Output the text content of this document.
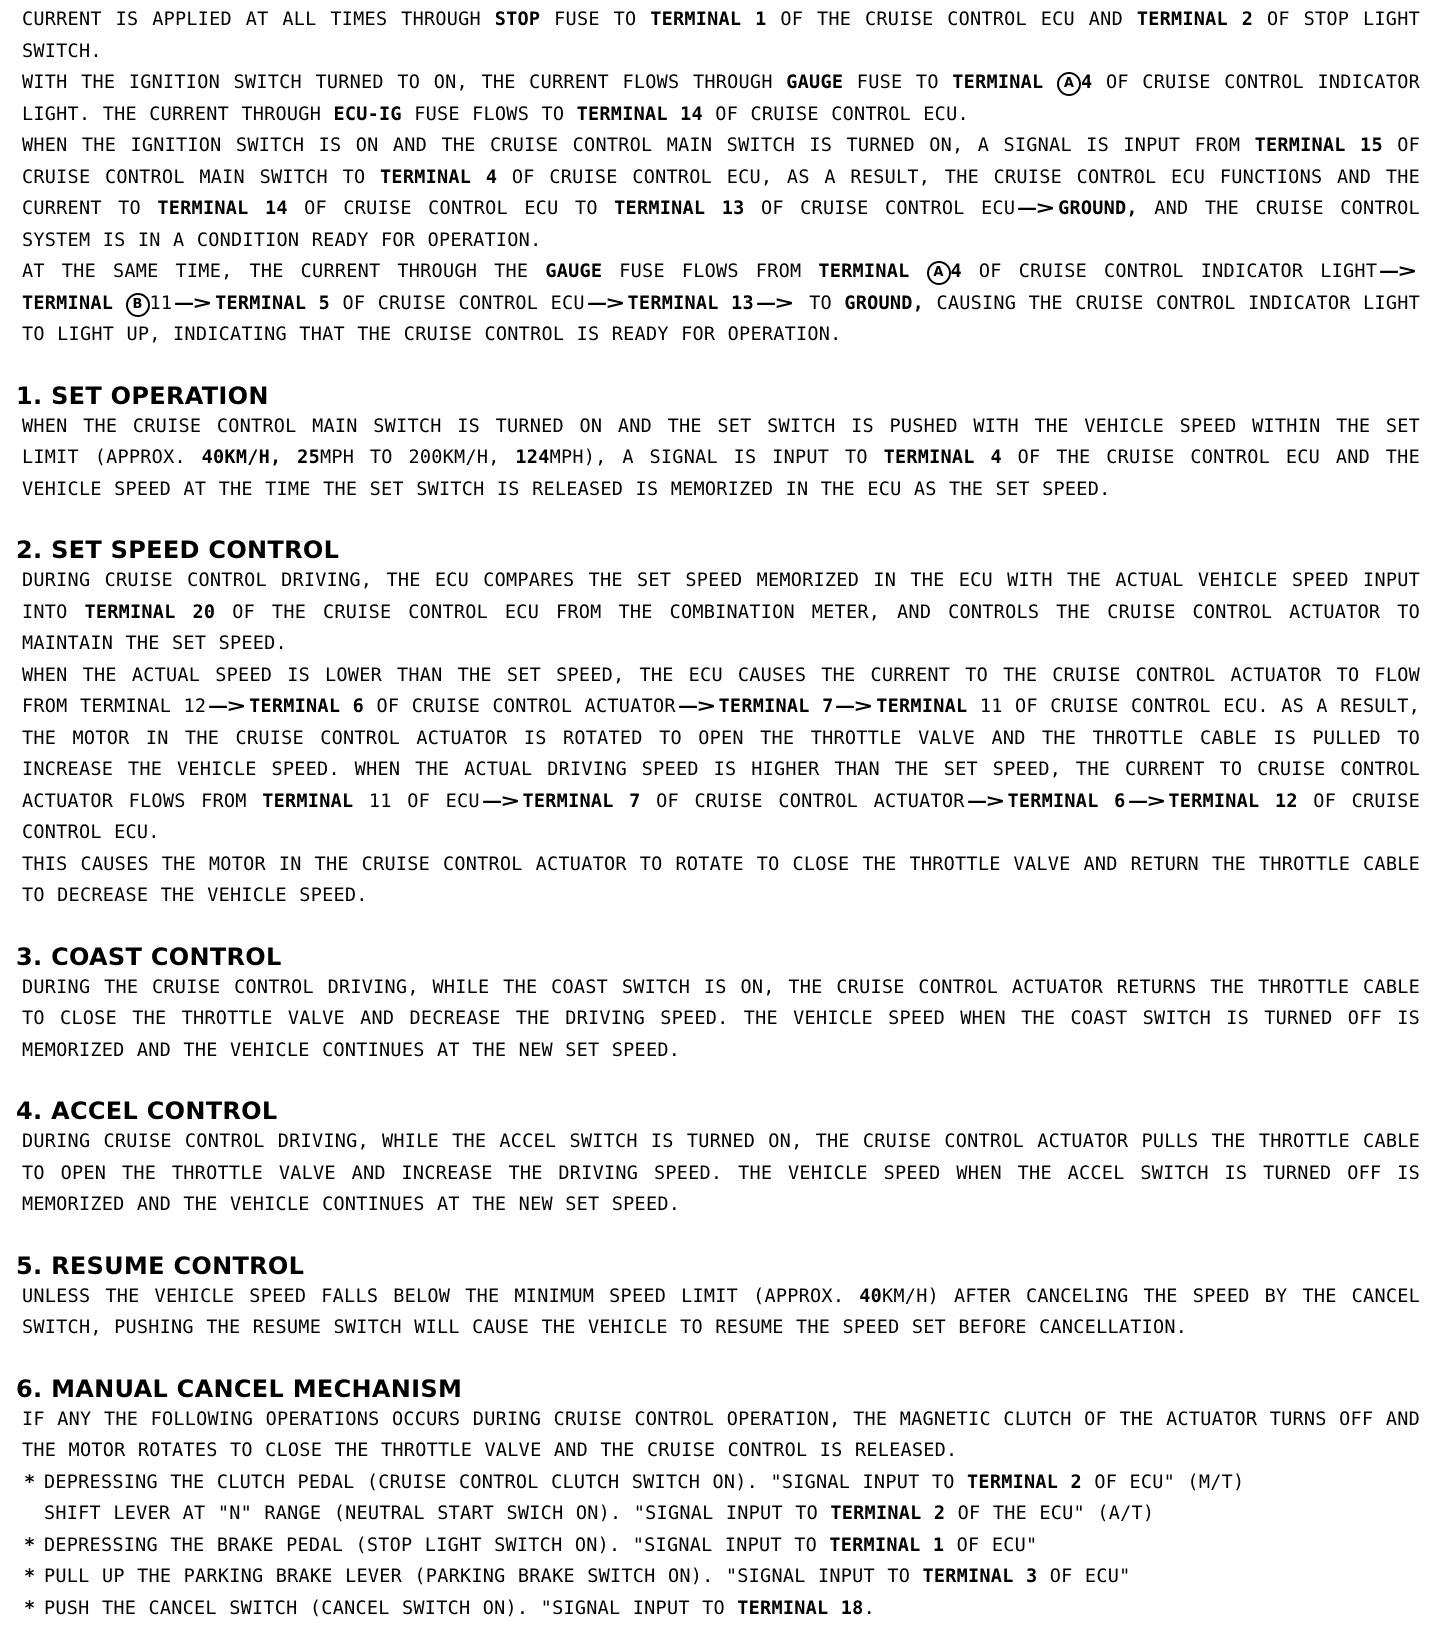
CURRENT IS APPLIED AT ALL TIMES THROUGH STOP FUSE TO TERMINAL 1 OF THE CRUISE CONTROL ECU AND TERMINAL 2 OF STOP LIGHT SWITCH.
WITH THE IGNITION SWITCH TURNED TO ON, THE CURRENT FLOWS THROUGH GAUGE FUSE TO TERMINAL A 4 OF CRUISE CONTROL INDICATOR LIGHT. THE CURRENT THROUGH ECU-IG FUSE FLOWS TO TERMINAL 14 OF CRUISE CONTROL ECU.
WHEN THE IGNITION SWITCH IS ON AND THE CRUISE CONTROL MAIN SWITCH IS TURNED ON, A SIGNAL IS INPUT FROM TERMINAL 15 OF CRUISE CONTROL MAIN SWITCH TO TERMINAL 4 OF CRUISE CONTROL ECU, AS A RESULT, THE CRUISE CONTROL ECU FUNCTIONS AND THE CURRENT TO TERMINAL 14 OF CRUISE CONTROL ECU TO TERMINAL 13 OF CRUISE CONTROL ECU —> GROUND, AND THE CRUISE CONTROL SYSTEM IS IN A CONDITION READY FOR OPERATION.
AT THE SAME TIME, THE CURRENT THROUGH THE GAUGE FUSE FLOWS FROM TERMINAL A 4 OF CRUISE CONTROL INDICATOR LIGHT —>TERMINAL B 11 —> TERMINAL 5 OF CRUISE CONTROL ECU —> TERMINAL 13 —> TO GROUND, CAUSING THE CRUISE CONTROL INDICATOR LIGHT TO LIGHT UP, INDICATING THAT THE CRUISE CONTROL IS READY FOR OPERATION.

1. SET OPERATION

WHEN THE CRUISE CONTROL MAIN SWITCH IS TURNED ON AND THE SET SWITCH IS PUSHED WITH THE VEHICLE SPEED WITHIN THE SET LIMIT (APPROX. 40KM/H, 25MPH TO 200KM/H, 124MPH), A SIGNAL IS INPUT TO TERMINAL 4 OF THE CRUISE CONTROL ECU AND THE VEHICLE SPEED AT THE TIME THE SET SWITCH IS RELEASED IS MEMORIZED IN THE ECU AS THE SET SPEED.

2. SET SPEED CONTROL

DURING CRUISE CONTROL DRIVING, THE ECU COMPARES THE SET SPEED MEMORIZED IN THE ECU WITH THE ACTUAL VEHICLE SPEED INPUT INTO TERMINAL 20 OF THE CRUISE CONTROL ECU FROM THE COMBINATION METER, AND CONTROLS THE CRUISE CONTROL ACTUATOR TO MAINTAIN THE SET SPEED.
WHEN THE ACTUAL SPEED IS LOWER THAN THE SET SPEED, THE ECU CAUSES THE CURRENT TO THE CRUISE CONTROL ACTUATOR TO FLOW FROM TERMINAL 12 —> TERMINAL 6 OF CRUISE CONTROL ACTUATOR —> TERMINAL 7 —> TERMINAL 11 OF CRUISE CONTROL ECU. AS A RESULT, THE MOTOR IN THE CRUISE CONTROL ACTUATOR IS ROTATED TO OPEN THE THROTTLE VALVE AND THE THROTTLE CABLE IS PULLED TO INCREASE THE VEHICLE SPEED. WHEN THE ACTUAL DRIVING SPEED IS HIGHER THAN THE SET SPEED, THE CURRENT TO CRUISE CONTROL ACTUATOR FLOWS FROM TERMINAL 11 OF ECU —> TERMINAL 7 OF CRUISE CONTROL ACTUATOR —> TERMINAL 6 —> TERMINAL 12 OF CRUISE CONTROL ECU.
THIS CAUSES THE MOTOR IN THE CRUISE CONTROL ACTUATOR TO ROTATE TO CLOSE THE THROTTLE VALVE AND RETURN THE THROTTLE CABLE TO DECREASE THE VEHICLE SPEED.

3. COAST CONTROL

DURING THE CRUISE CONTROL DRIVING, WHILE THE COAST SWITCH IS ON, THE CRUISE CONTROL ACTUATOR RETURNS THE THROTTLE CABLE TO CLOSE THE THROTTLE VALVE AND DECREASE THE DRIVING SPEED. THE VEHICLE SPEED WHEN THE COAST SWITCH IS TURNED OFF IS MEMORIZED AND THE VEHICLE CONTINUES AT THE NEW SET SPEED.

4. ACCEL CONTROL

DURING CRUISE CONTROL DRIVING, WHILE THE ACCEL SWITCH IS TURNED ON, THE CRUISE CONTROL ACTUATOR PULLS THE THROTTLE CABLE TO OPEN THE THROTTLE VALVE AND INCREASE THE DRIVING SPEED. THE VEHICLE SPEED WHEN THE ACCEL SWITCH IS TURNED OFF IS MEMORIZED AND THE VEHICLE CONTINUES AT THE NEW SET SPEED.

5. RESUME CONTROL

UNLESS THE VEHICLE SPEED FALLS BELOW THE MINIMUM SPEED LIMIT (APPROX. 40KM/H) AFTER CANCELING THE SPEED BY THE CANCEL SWITCH, PUSHING THE RESUME SWITCH WILL CAUSE THE VEHICLE TO RESUME THE SPEED SET BEFORE CANCELLATION.

6. MANUAL CANCEL MECHANISM

IF ANY THE FOLLOWING OPERATIONS OCCURS DURING CRUISE CONTROL OPERATION, THE MAGNETIC CLUTCH OF THE ACTUATOR TURNS OFF AND THE MOTOR ROTATES TO CLOSE THE THROTTLE VALVE AND THE CRUISE CONTROL IS RELEASED.

* DEPRESSING THE CLUTCH PEDAL (CRUISE CONTROL CLUTCH SWITCH ON). "SIGNAL INPUT TO TERMINAL 2 OF ECU" (M/T)
SHIFT LEVER AT "N" RANGE (NEUTRAL START SWICH ON). "SIGNAL INPUT TO TERMINAL 2 OF THE ECU" (A/T)
* DEPRESSING THE BRAKE PEDAL (STOP LIGHT SWITCH ON). "SIGNAL INPUT TO TERMINAL 1 OF ECU"
* PULL UP THE PARKING BRAKE LEVER (PARKING BRAKE SWITCH ON). "SIGNAL INPUT TO TERMINAL 3 OF ECU"
* PUSH THE CANCEL SWITCH (CANCEL SWITCH ON). "SIGNAL INPUT TO TERMINAL 18.
